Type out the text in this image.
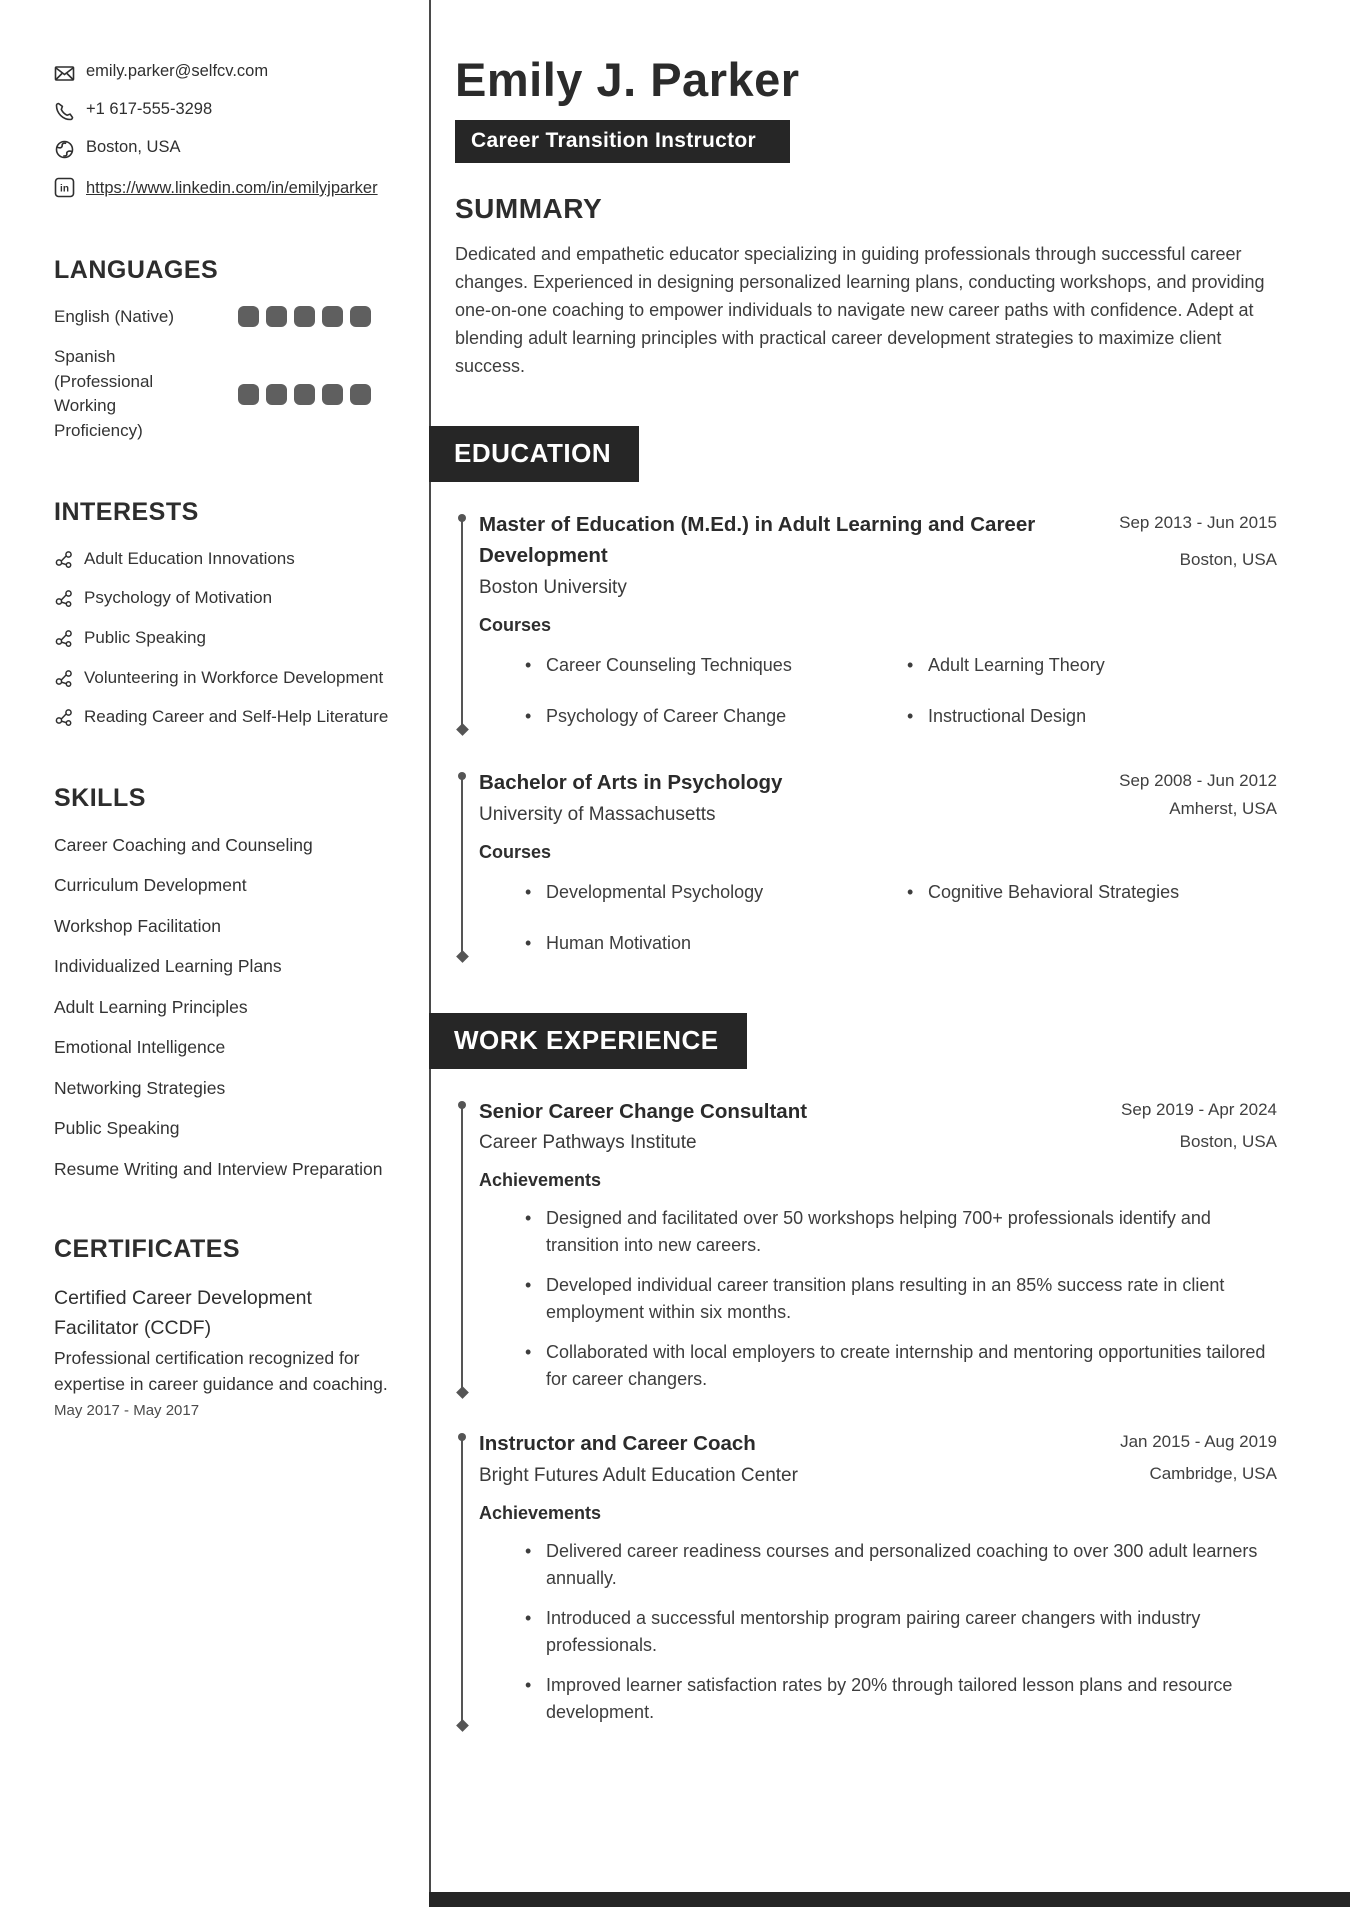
emily.parker@selfcv.com
+1 617-555-3298
Boston, USA
in https://www.linkedin.com/in/emilyjparker
LANGUAGES
English (Native)
Spanish (Professional Working Proficiency)
INTERESTS
Adult Education Innovations
Psychology of Motivation
Public Speaking
Volunteering in Workforce Development
Reading Career and Self-Help Literature
SKILLS
Career Coaching and Counseling
Curriculum Development
Workshop Facilitation
Individualized Learning Plans
Adult Learning Principles
Emotional Intelligence
Networking Strategies
Public Speaking
Resume Writing and Interview Preparation
CERTIFICATES
Certified Career Development Facilitator (CCDF)
Professional certification recognized for expertise in career guidance and coaching.
May 2017 - May 2017
Emily J. Parker
Career Transition Instructor
SUMMARY

Dedicated and empathetic educator specializing in guiding professionals through successful career changes. Experienced in designing personalized learning plans, conducting workshops, and providing one-on-one coaching to empower individuals to navigate new career paths with confidence. Adept at blending adult learning principles with practical career development strategies to maximize client success.

EDUCATION
Master of Education (M.Ed.) in Adult Learning and Career Development
Boston University
Sep 2013 - Jun 2015
Boston, USA
Courses
• Career Counseling Techniques	• Adult Learning Theory
• Psychology of Career Change	• Instructional Design
Bachelor of Arts in Psychology
University of Massachusetts
Sep 2008 - Jun 2012
Amherst, USA
Courses
• Developmental Psychology	• Cognitive Behavioral Strategies
• Human Motivation
WORK EXPERIENCE
Senior Career Change Consultant
Career Pathways Institute
Sep 2019 - Apr 2024
Boston, USA
Achievements
• Designed and facilitated over 50 workshops helping 700+ professionals identify and transition into new careers.
• Developed individual career transition plans resulting in an 85% success rate in client employment within six months.
• Collaborated with local employers to create internship and mentoring opportunities tailored for career changers.
Instructor and Career Coach
Bright Futures Adult Education Center
Jan 2015 - Aug 2019
Cambridge, USA
Achievements
• Delivered career readiness courses and personalized coaching to over 300 adult learners annually.
• Introduced a successful mentorship program pairing career changers with industry professionals.
• Improved learner satisfaction rates by 20% through tailored lesson plans and resource development.
